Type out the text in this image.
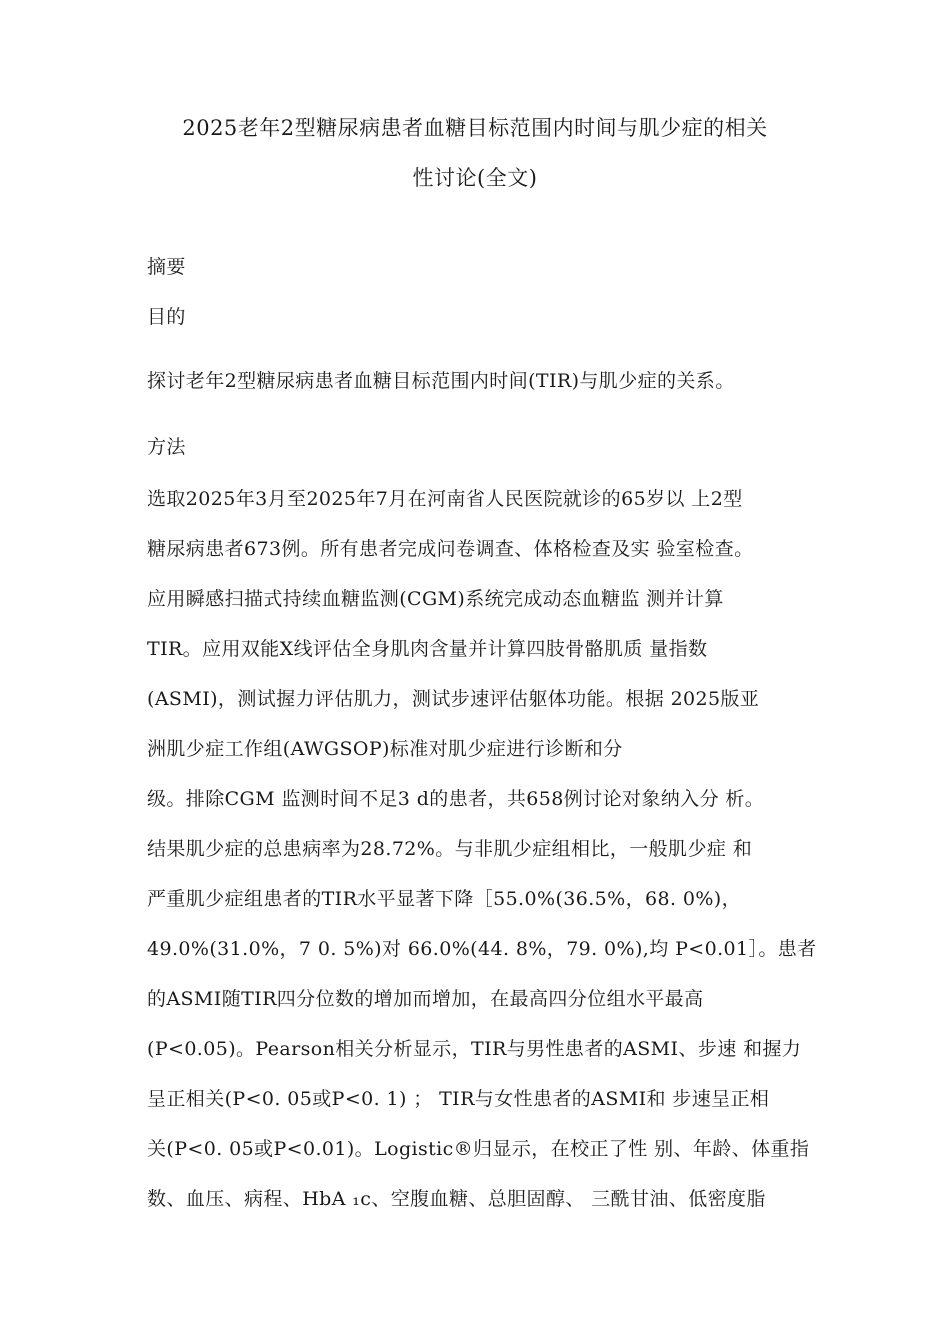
2025老年2型糖尿病患者血糖目标范围内时间与肌少症的相关
性讨论(全文)
摘要
目的
探讨老年2型糖尿病患者血糖目标范围内时间(TIR)与肌少症的关系。
方法
选取2025年3月至2025年7月在河南省人民医院就诊的65岁以 上2型
糖尿病患者673例。所有患者完成问卷调查、体格检查及实 验室检查。
应用瞬感扫描式持续血糖监测(CGM)系统完成动态血糖监 测并计算
TIR。应用双能X线评估全身肌肉含量并计算四肢骨骼肌质 量指数
(ASMI)，测试握力评估肌力，测试步速评估躯体功能。根据 2025版亚
洲肌少症工作组(AWGSOP)标准对肌少症进行诊断和分
级。排除CGM 监测时间不足3 d的患者，共658例讨论对象纳入分 析。
结果肌少症的总患病率为28.72%。与非肌少症组相比，一般肌少症 和
严重肌少症组患者的TIR水平显著下降［55.0%(36.5%，68. 0%)，
49.0%(31.0%，7 0. 5%)对 66.0%(44. 8%，79. 0%),均 P<0.01］。患者
的ASMI随TIR四分位数的增加而增加，在最高四分位组水平最高
(P<0.05)。Pearson相关分析显示，TIR与男性患者的ASMI、步速 和握力
呈正相关(P<0. 05或P<0. 1) ； TIR与女性患者的ASMI和 步速呈正相
关(P<0. 05或P<0.01)。Logistic®归显示，在校正了性 别、年龄、体重指
数、血压、病程、HbA ₁c、空腹血糖、总胆固醇、 三酰甘油、低密度脂
